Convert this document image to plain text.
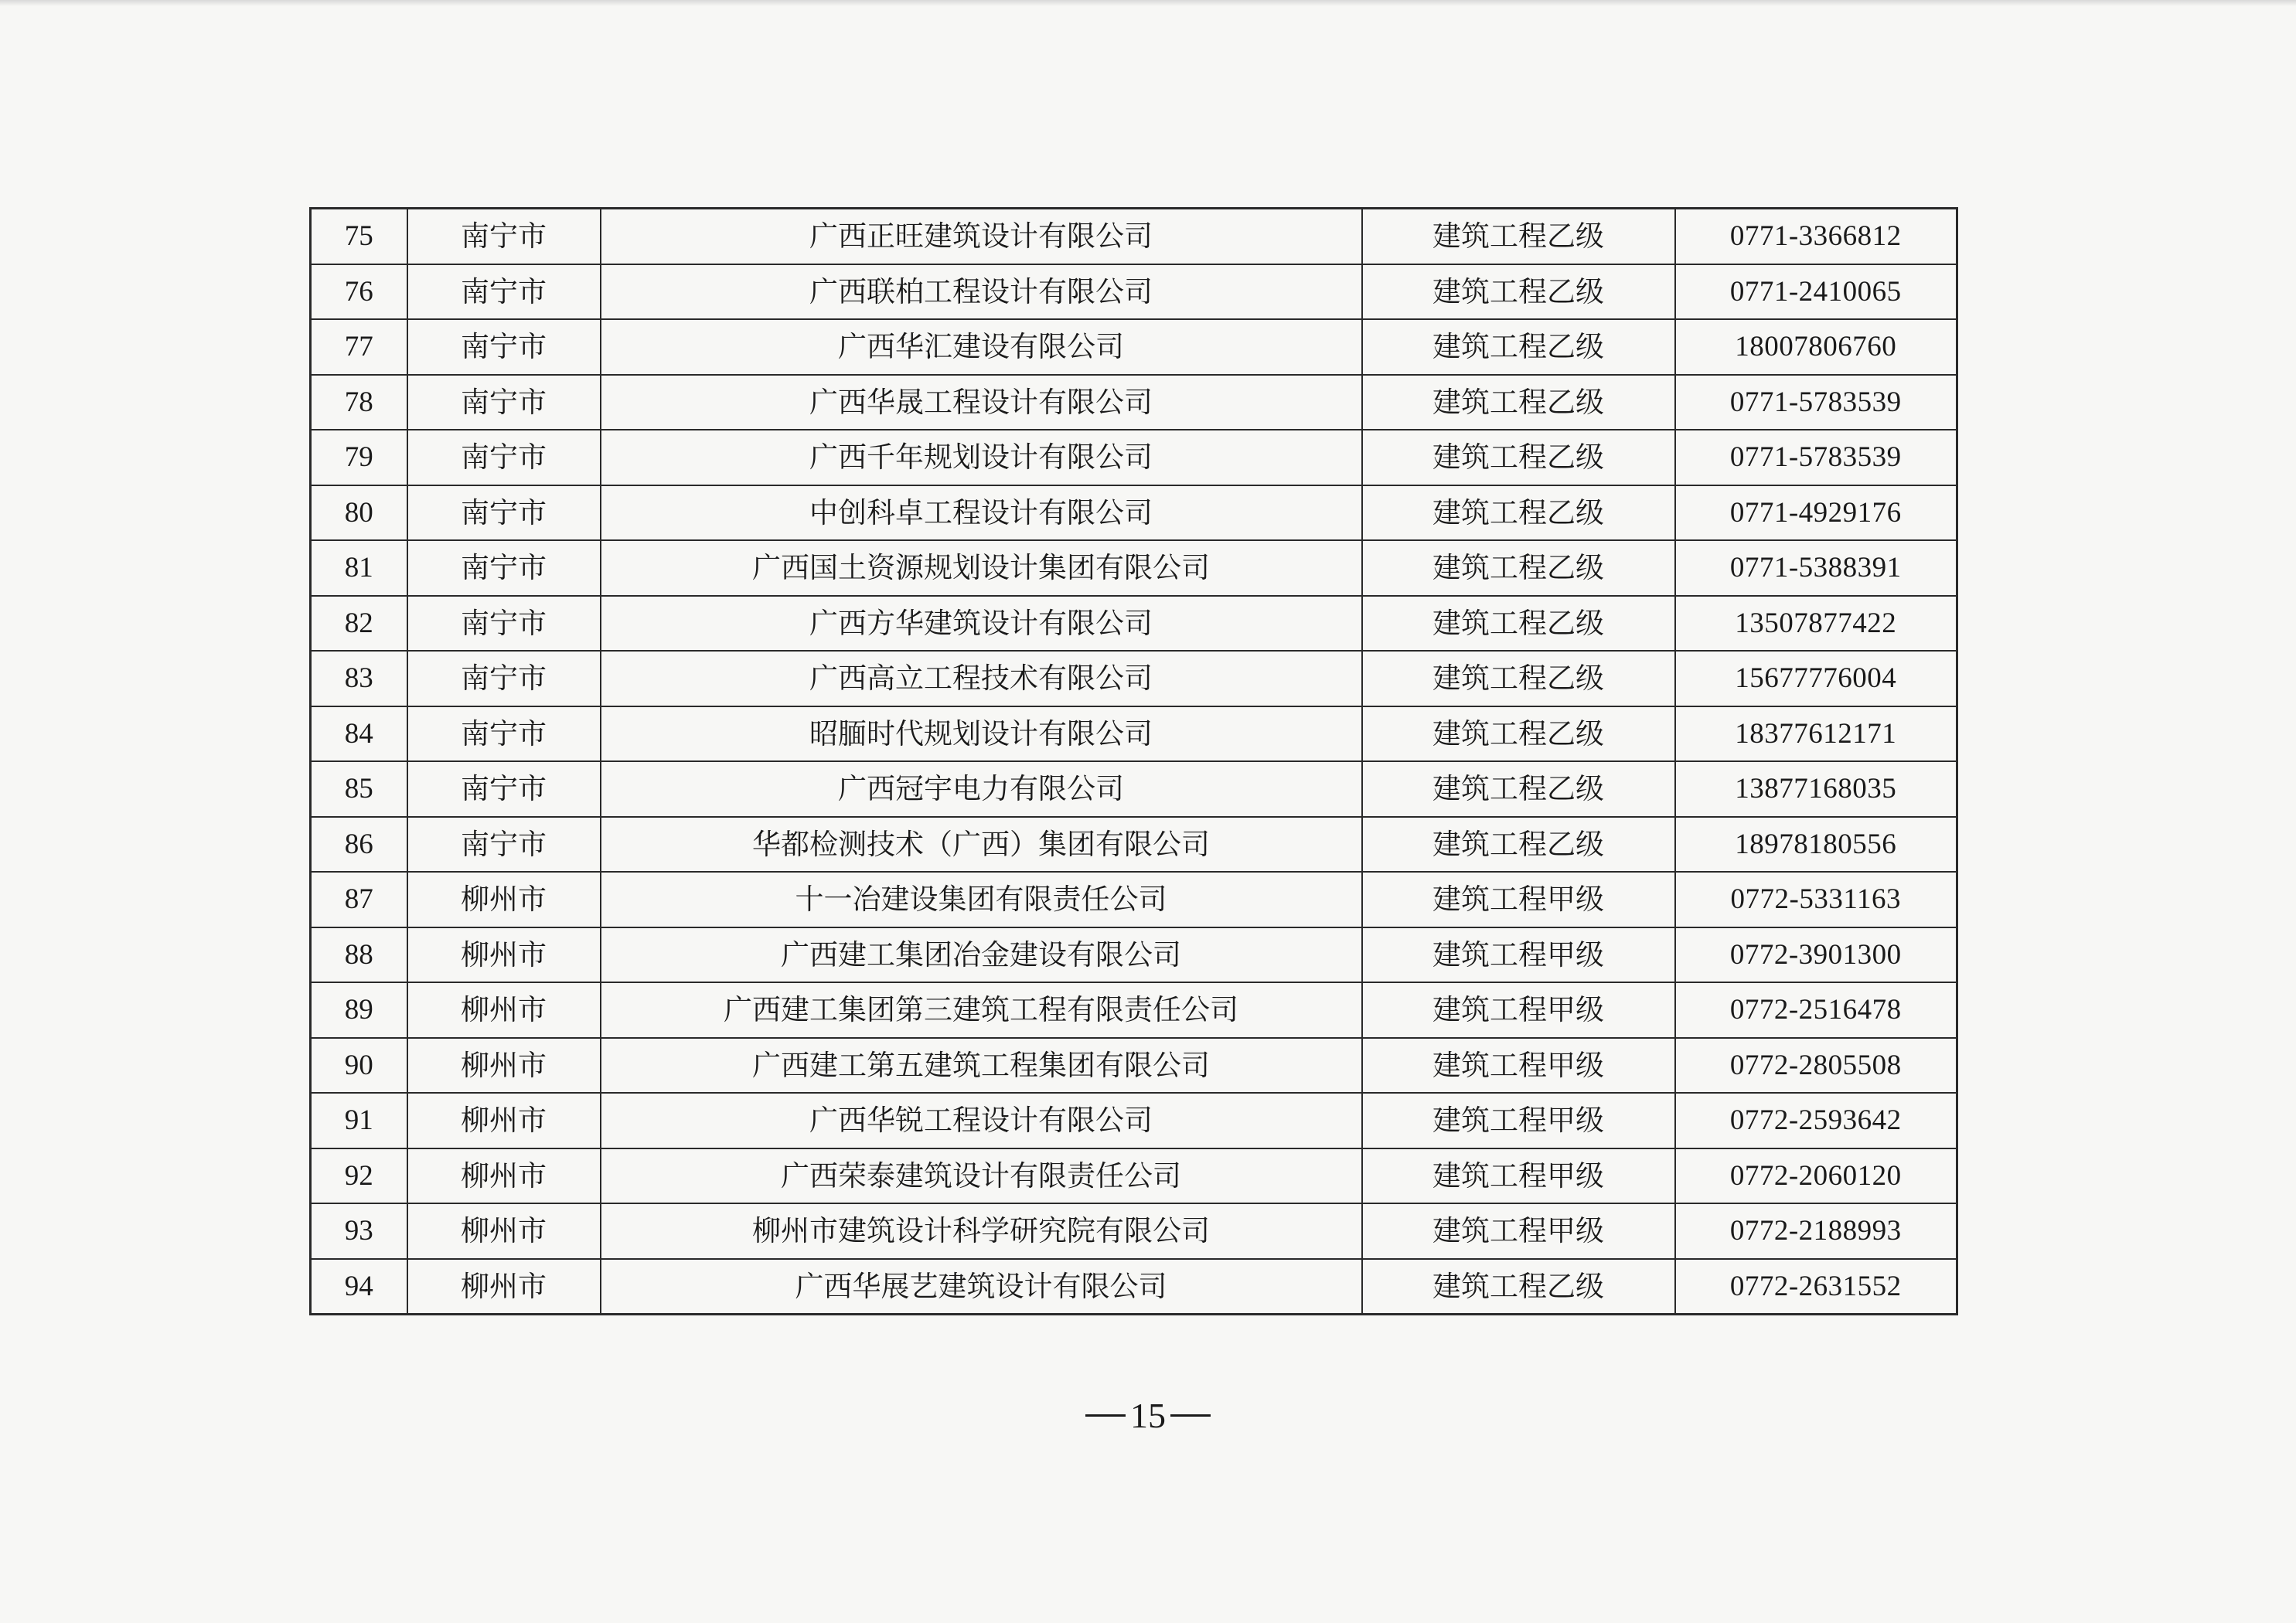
75	南宁市	广西正旺建筑设计有限公司	建筑工程乙级	0771-3366812
76	南宁市	广西联柏工程设计有限公司	建筑工程乙级	0771-2410065
77	南宁市	广西华汇建设有限公司	建筑工程乙级	18007806760
78	南宁市	广西华晟工程设计有限公司	建筑工程乙级	0771-5783539
79	南宁市	广西千年规划设计有限公司	建筑工程乙级	0771-5783539
80	南宁市	中创科卓工程设计有限公司	建筑工程乙级	0771-4929176
81	南宁市	广西国土资源规划设计集团有限公司	建筑工程乙级	0771-5388391
82	南宁市	广西方华建筑设计有限公司	建筑工程乙级	13507877422
83	南宁市	广西高立工程技术有限公司	建筑工程乙级	15677776004
84	南宁市	昭腼时代规划设计有限公司	建筑工程乙级	18377612171
85	南宁市	广西冠宇电力有限公司	建筑工程乙级	13877168035
86	南宁市	华都检测技术（广西）集团有限公司	建筑工程乙级	18978180556
87	柳州市	十一冶建设集团有限责任公司	建筑工程甲级	0772-5331163
88	柳州市	广西建工集团冶金建设有限公司	建筑工程甲级	0772-3901300
89	柳州市	广西建工集团第三建筑工程有限责任公司	建筑工程甲级	0772-2516478
90	柳州市	广西建工第五建筑工程集团有限公司	建筑工程甲级	0772-2805508
91	柳州市	广西华锐工程设计有限公司	建筑工程甲级	0772-2593642
92	柳州市	广西荣泰建筑设计有限责任公司	建筑工程甲级	0772-2060120
93	柳州市	柳州市建筑设计科学研究院有限公司	建筑工程甲级	0772-2188993
94	柳州市	广西华展艺建筑设计有限公司	建筑工程乙级	0772-2631552
15
